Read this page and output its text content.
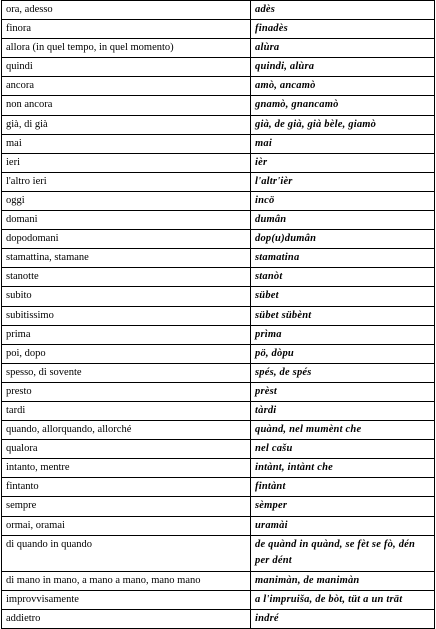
ora, adesso	adès
finora	finadès
allora (in quel tempo, in quel momento)	alùra
quindi	quindi, alùra
ancora	amò, ancamò
non ancora	gnamò, gnancamò
già, di già	già, de già, già bèle, giamò
mai	mai
ieri	ièr
l'altro ieri	l'altr'ièr
oggi	incö
domani	dumân
dopodomani	dop(u)dumân
stamattina, stamane	stamatina
stanotte	stanòt
subito	sübet
subitissimo	sübet sübènt
prima	prìma
poi, dopo	pö, dòpu
spesso, di sovente	spés, de spés
presto	prèst
tardi	tàrdi
quando, allorquando, allorché	quànd, nel mumènt che
qualora	nel cašu
intanto, mentre	intànt, intànt che
fintanto	fintànt
sempre	sèmper
ormai, oramai	uramài
di quando in quando	de quànd in quànd, se fèt se fò, dén per dént
di mano in mano, a mano a mano, mano mano	manimàn, de manimàn
improvvisamente	a l'impruišа, de bòt, tüt a un trät
addietro	indré
